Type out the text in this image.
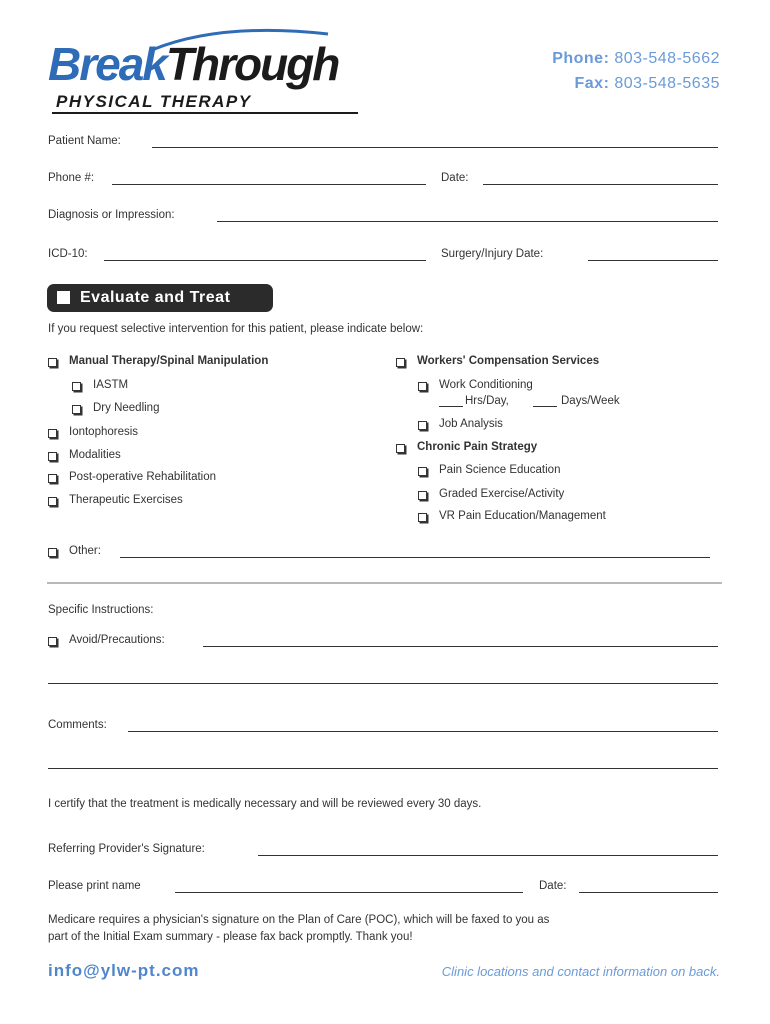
BreakThrough
PHYSICAL THERAPY
Phone: 803-548-5662
Fax: 803-548-5635
Patient Name:
Phone #:	Date:
Diagnosis or Impression:
ICD-10:	Surgery/Injury Date:
Evaluate and Treat
If you request selective intervention for this patient, please indicate below:
Manual Therapy/Spinal Manipulation
IASTM
Dry Needling
Iontophoresis
Modalities
Post-operative Rehabilitation
Therapeutic Exercises
Workers' Compensation Services
Work Conditioning
Hrs/Day,	Days/Week
Job Analysis
Chronic Pain Strategy
Pain Science Education
Graded Exercise/Activity
VR Pain Education/Management
Other:
Specific Instructions:
Avoid/Precautions:
Comments:
I certify that the treatment is medically necessary and will be reviewed every 30 days.
Referring Provider's Signature:
Please print name	Date:
Medicare requires a physician's signature on the Plan of Care (POC), which will be faxed to you as
part of the Initial Exam summary - please fax back promptly. Thank you!
info@ylw-pt.com	Clinic locations and contact information on back.
